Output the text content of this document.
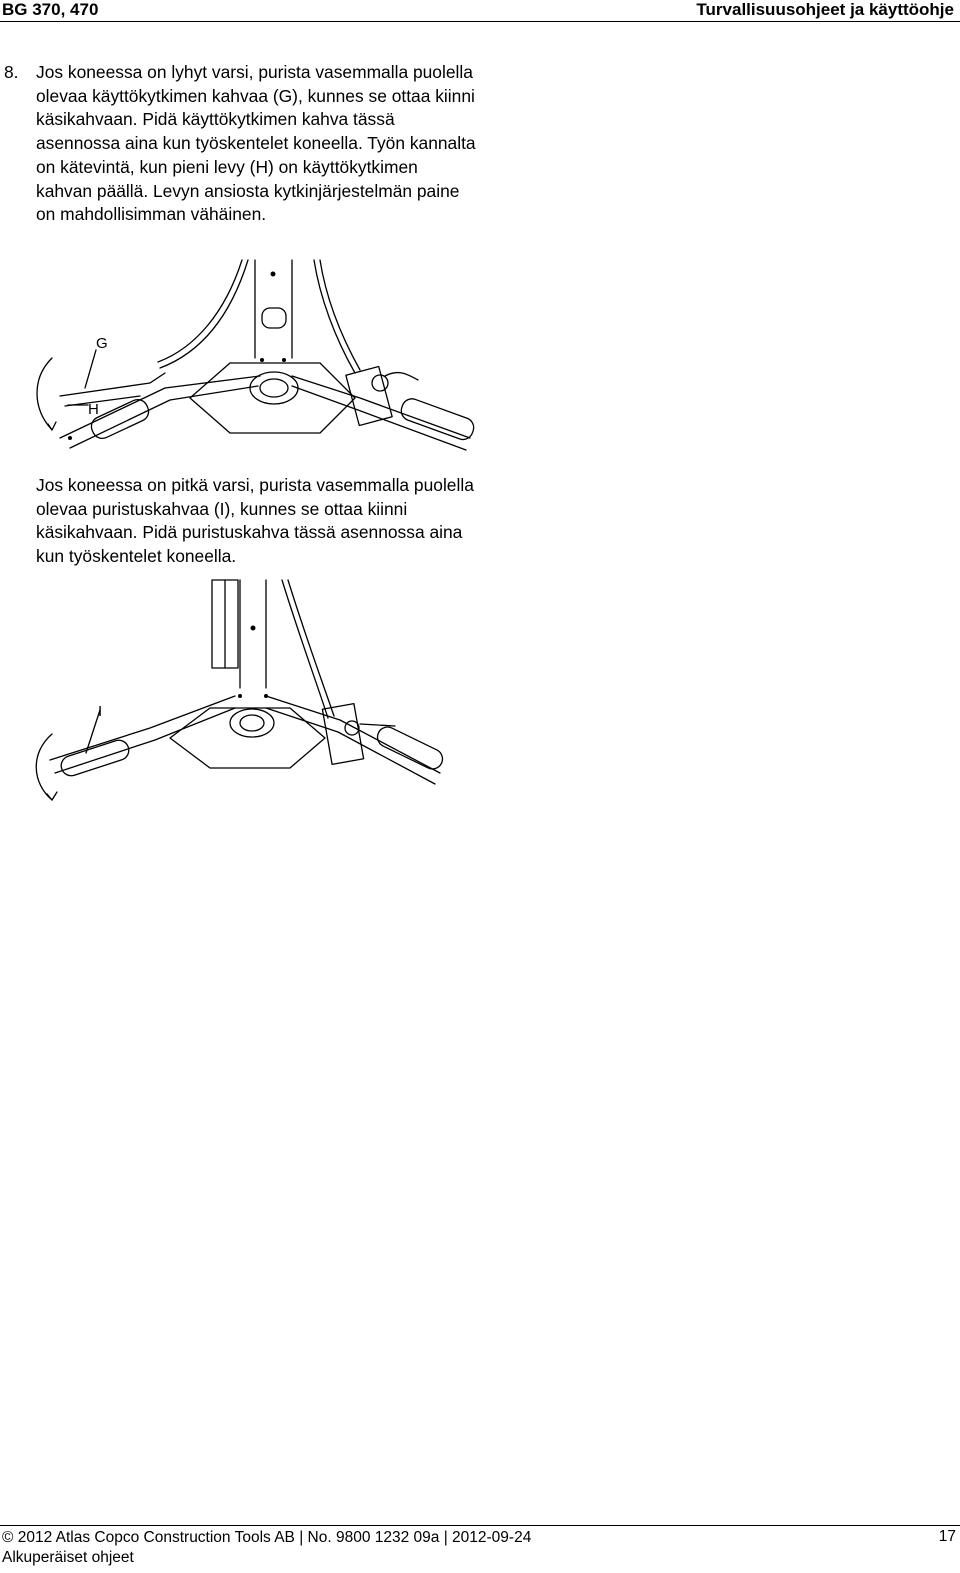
BG 370, 470	Turvallisuusohjeet ja käyttöohje
8. Jos koneessa on lyhyt varsi, purista vasemmalla puolella olevaa käyttökytkimen kahvaa (G), kunnes se ottaa kiinni käsikahvaan. Pidä käyttökytkimen kahva tässä asennossa aina kun työskentelet koneella. Työn kannalta on kätevintä, kun pieni levy (H) on käyttökytkimen kahvan päällä. Levyn ansiosta kytkinjärjestelmän paine on mahdollisimman vähäinen.
G
H
Jos koneessa on pitkä varsi, purista vasemmalla puolella olevaa puristuskahvaa (I), kunnes se ottaa kiinni käsikahvaan. Pidä puristuskahva tässä asennossa aina kun työskentelet koneella.
I
© 2012 Atlas Copco Construction Tools AB | No. 9800 1232 09a | 2012-09-24
Alkuperäiset ohjeet
17
